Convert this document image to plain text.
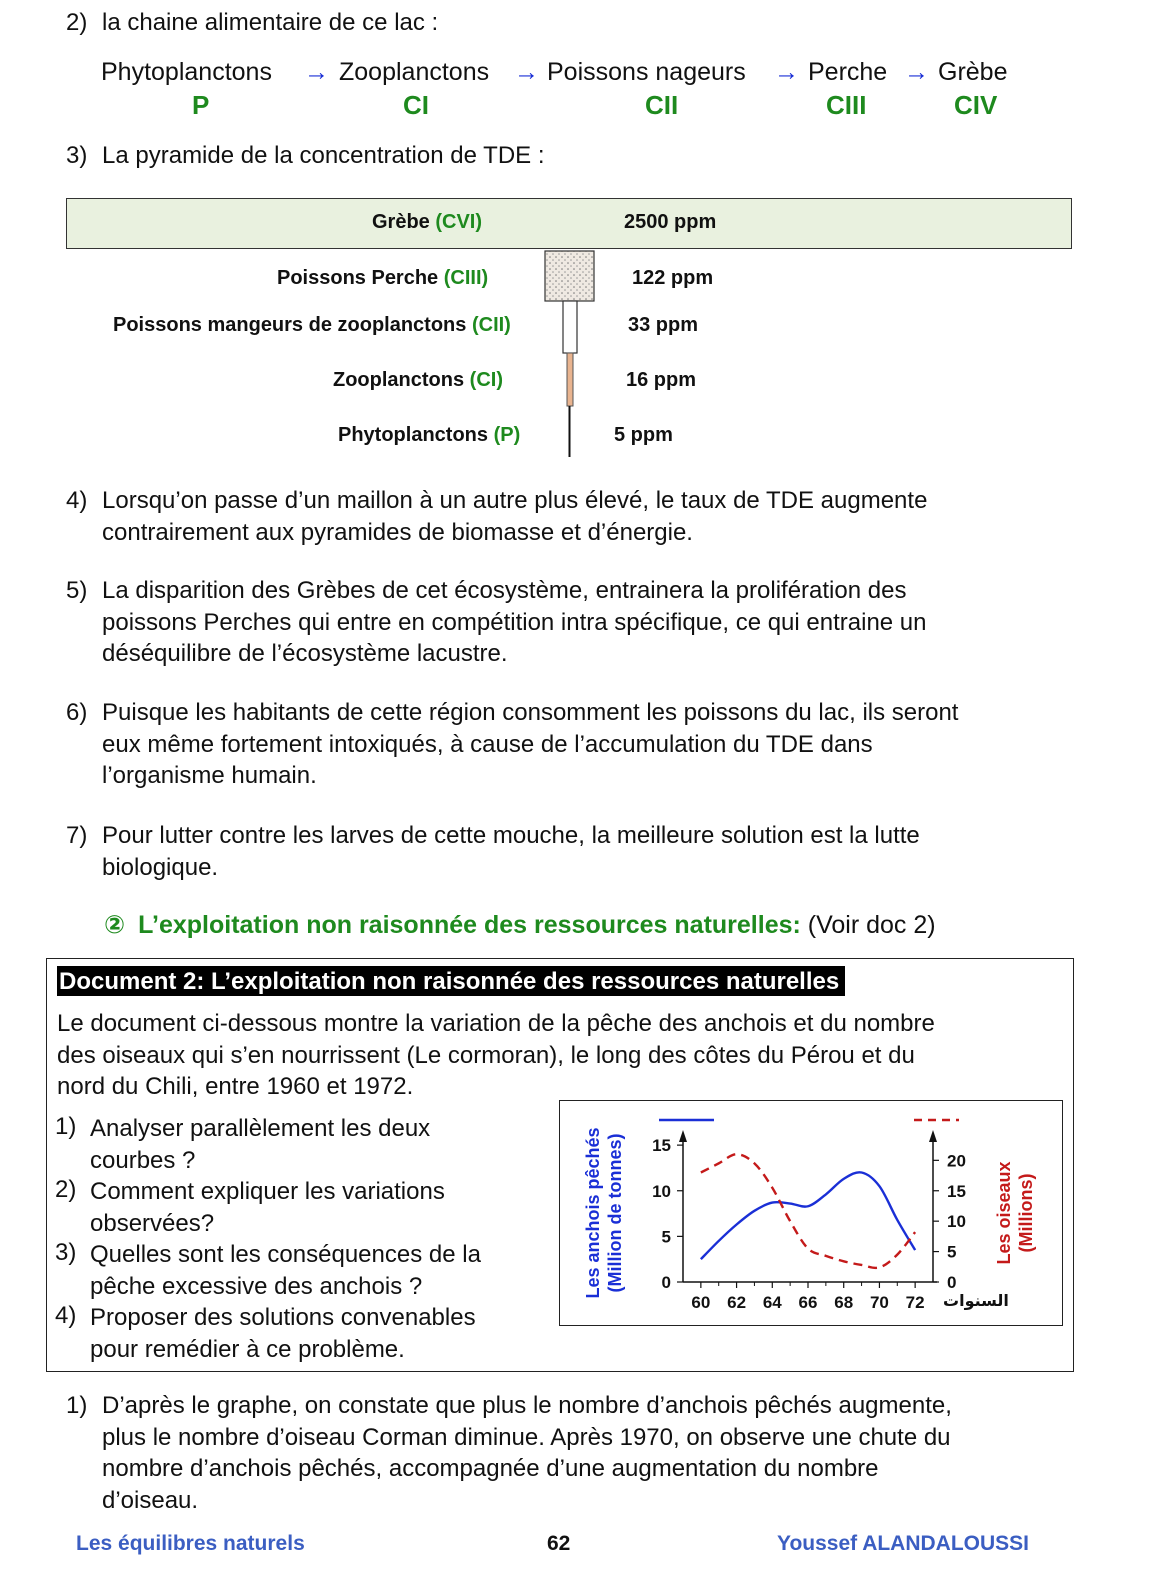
2) la chaine alimentaire de ce lac :
Phytoplanctons → Zooplanctons → Poissons nageurs → Perche → Grèbe
P	CI	CII	CIII	CIV
3) La pyramide de la concentration de TDE :
Grèbe (CVI)	2500 ppm
Poissons Perche (CIII)	122 ppm
Poissons mangeurs de zooplanctons (CII)	33 ppm
Zooplanctons (CI)	16 ppm
Phytoplanctons (P)	5 ppm
4) Lorsqu’on passe d’un maillon à un autre plus élevé, le taux de TDE augmente
contrairement aux pyramides de biomasse et d’énergie.
5) La disparition des Grèbes de cet écosystème, entrainera la prolifération des
poissons Perches qui entre en compétition intra spécifique, ce qui entraine un
déséquilibre de l’écosystème lacustre.
6) Puisque les habitants de cette région consomment les poissons du lac, ils seront
eux même fortement intoxiqués, à cause de l’accumulation du TDE dans
l’organisme humain.
7) Pour lutter contre les larves de cette mouche, la meilleure solution est la lutte
biologique.
② L’exploitation non raisonnée des ressources naturelles: (Voir doc 2)
Document 2: L’exploitation non raisonnée des ressources naturelles
Le document ci-dessous montre la variation de la pêche des anchois et du nombre
des oiseaux qui s’en nourrissent (Le cormoran), le long des côtes du Pérou et du
nord du Chili, entre 1960 et 1972.
1) Analyser parallèlement les deux
courbes ?
2) Comment expliquer les variations
observées?
3) Quelles sont les conséquences de la
pêche excessive des anchois ?
4) Proposer des solutions convenables
pour remédier à ce problème.
60 62 64 66 68 70 72 السنوات
0
5
10
15
0
5
10
15
20
Les anchois pêchés (Million de tonnes)	Les oiseaux (Millions)
1) D’après le graphe, on constate que plus le nombre d’anchois pêchés augmente,
plus le nombre d’oiseau Corman diminue. Après 1970, on observe une chute du
nombre d’anchois pêchés, accompagnée d’une augmentation du nombre
d’oiseau.
Les équilibres naturels	62	Youssef ALANDALOUSSI
